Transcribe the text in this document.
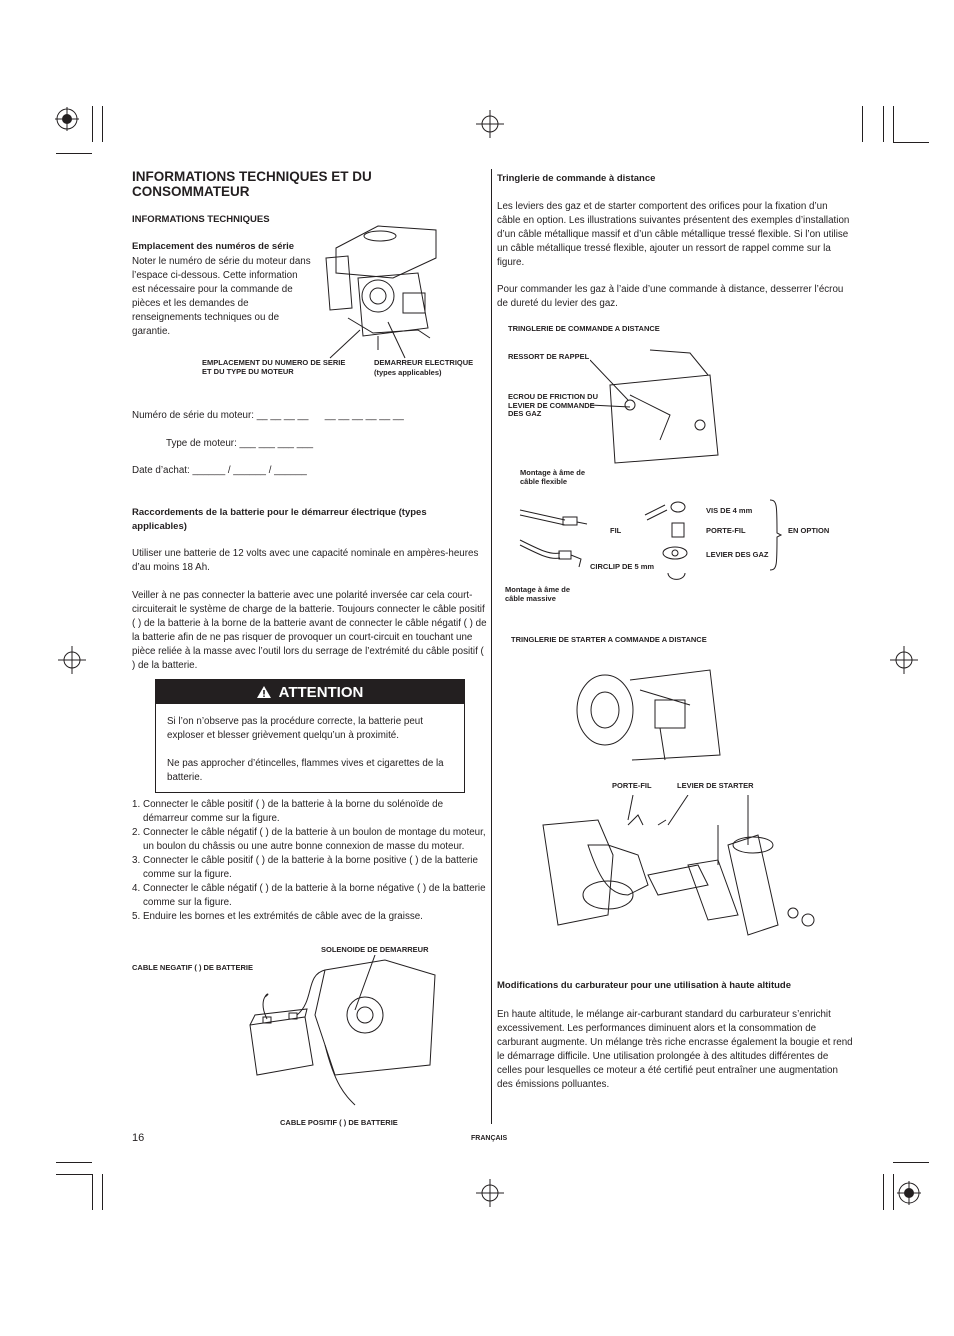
INFORMATIONS TECHNIQUES ET DU CONSOMMATEUR
INFORMATIONS TECHNIQUES
Emplacement des numéros de série
Noter le numéro de série du moteur dans l’espace ci-dessous. Cette information est nécessaire pour la commande de pièces et les demandes de renseignements techniques ou de garantie.
EMPLACEMENT DU NUMERO DE SERIE ET DU TYPE DU MOTEUR
DEMARREUR ELECTRIQUE
(types applicables)
Numéro de série du moteur: __ __ __ __      __ __ __ __ __ __
Type de moteur: ___ ___ ___ ___
Date d’achat: ______ / ______ / ______
Raccordements de la batterie pour le démarreur électrique (types applicables)
Utiliser une batterie de 12 volts avec une capacité nominale en ampères-heures d’au moins 18 Ah.
Veiller à ne pas connecter la batterie avec une polarité inversée car cela court-circuiterait le système de charge de la batterie. Toujours connecter le câble positif ( ) de la batterie à la borne de la batterie avant de connecter le câble négatif ( ) de la batterie afin de ne pas risquer de provoquer un court-circuit en touchant une pièce reliée à la masse avec l’outil lors du serrage de l’extrémité du câble positif ( ) de la batterie.
ATTENTION
Si l’on n’observe pas la procédure correcte, la batterie peut exploser et blesser grièvement quelqu’un à proximité.
Ne pas approcher d’étincelles, flammes vives et cigarettes de la batterie.
1. Connecter le câble positif ( ) de la batterie à la borne du solénoïde de démarreur comme sur la figure.
2. Connecter le câble négatif ( ) de la batterie à un boulon de montage du moteur, un boulon du châssis ou une autre bonne connexion de masse du moteur.
3. Connecter le câble positif ( ) de la batterie à la borne positive ( ) de la batterie comme sur la figure.
4. Connecter le câble négatif ( ) de la batterie à la borne négative ( ) de la batterie comme sur la figure.
5. Enduire les bornes et les extrémités de câble avec de la graisse.
SOLENOIDE DE DEMARREUR
CABLE NEGATIF ( ) DE BATTERIE
CABLE POSITIF ( ) DE BATTERIE
16
Tringlerie de commande à distance
Les leviers des gaz et de starter comportent des orifices pour la fixation d’un câble en option. Les illustrations suivantes présentent des exemples d’installation d’un câble métallique massif et d’un câble métallique tressé flexible. Si l’on utilise un câble métallique tressé flexible, ajouter un ressort de rappel comme sur la figure.
Pour commander les gaz à l’aide d’une commande à distance, desserrer l’écrou de dureté du levier des gaz.
TRINGLERIE DE COMMANDE A DISTANCE
RESSORT DE RAPPEL
ECROU DE FRICTION DU LEVIER DE COMMANDE DES GAZ
Montage à âme de câble flexible
VIS DE 4 mm
FIL	PORTE-FIL	EN OPTION
LEVIER DES GAZ
CIRCLIP DE 5 mm
Montage à âme de câble massive
TRINGLERIE DE STARTER A COMMANDE A DISTANCE
PORTE-FIL	LEVIER DE STARTER
Modifications du carburateur pour une utilisation à haute altitude
En haute altitude, le mélange air-carburant standard du carburateur s’enrichit excessivement. Les performances diminuent alors et la consommation de carburant augmente. Un mélange très riche encrasse également la bougie et rend le démarrage difficile. Une utilisation prolongée à des altitudes différentes de celles pour lesquelles ce moteur a été certifié peut entraîner une augmentation des émissions polluantes.
FRANÇAIS
